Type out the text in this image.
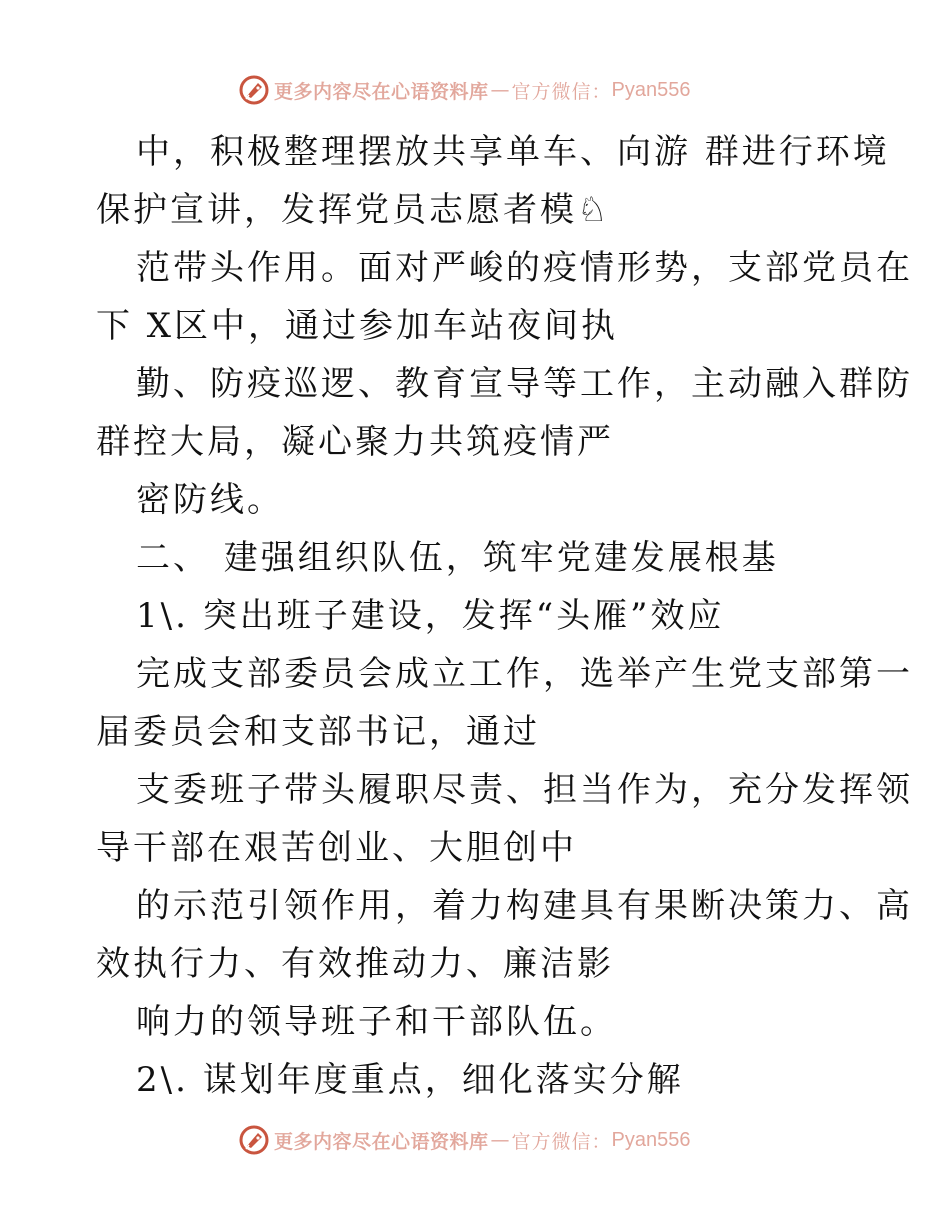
更多内容尽在心语资料库 — 官方微信： Pyan556
中，积极整理摆放共享单车、向游 群进行环境
保护宣讲，发挥党员志愿者模♘
范带头作用。面对严峻的疫情形势，支部党员在
下 X区中，通过参加车站夜间执
勤、防疫巡逻、教育宣导等工作，主动融入群防
群控大局，凝心聚力共筑疫情严
密防线。
二、 建强组织队伍，筑牢党建发展根基
1\. 突出班子建设，发挥“头雁”效应
完成支部委员会成立工作，选举产生党支部第一
届委员会和支部书记，通过
支委班子带头履职尽责、担当作为，充分发挥领
导干部在艰苦创业、大胆创中
的示范引领作用，着力构建具有果断决策力、高
效执行力、有效推动力、廉洁影
响力的领导班子和干部队伍。
2\. 谋划年度重点，细化落实分解
更多内容尽在心语资料库 — 官方微信： Pyan556
